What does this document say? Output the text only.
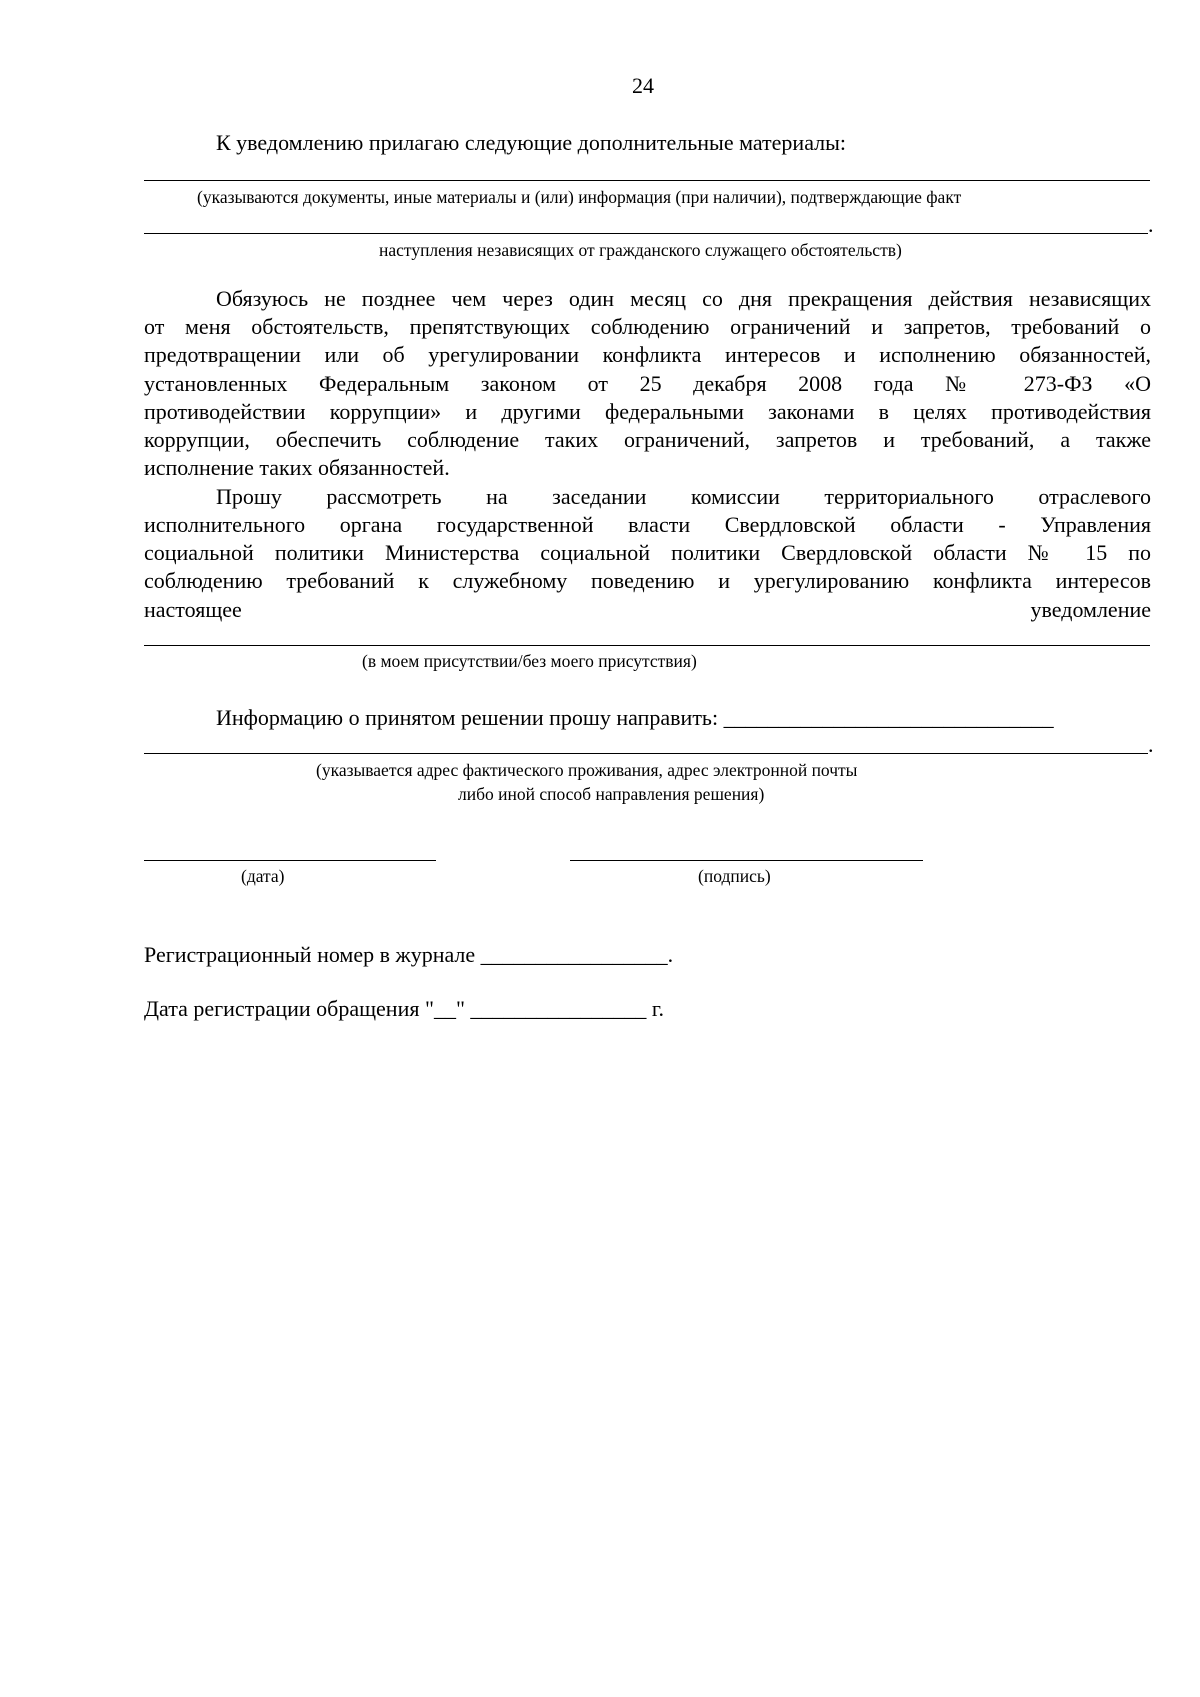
24
К уведомлению прилагаю следующие дополнительные материалы:
(указываются документы, иные материалы и (или) информация (при наличии), подтверждающие факт
.
наступления независящих от гражданского служащего обстоятельств)
Обязуюсь не позднее чем через один месяц со дня прекращения действия независящих
от меня обстоятельств, препятствующих соблюдению ограничений и запретов, требований о
предотвращении или об урегулировании конфликта интересов и исполнению обязанностей,
установленных Федеральным законом от 25 декабря 2008 года № 273-ФЗ «О
противодействии коррупции» и другими федеральными законами в целях противодействия
коррупции, обеспечить соблюдение таких ограничений, запретов и требований, а также
исполнение таких обязанностей.
Прошу рассмотреть на заседании комиссии территориального отраслевого
исполнительного органа государственной власти Свердловской области - Управления
социальной политики Министерства социальной политики Свердловской области № 15 по
соблюдению требований к служебному поведению и урегулированию конфликта интересов
настоящее	уведомление
(в моем присутствии/без моего присутствия)
Информацию о принятом решении прошу направить: ______________________________
.
(указывается адрес фактического проживания, адрес электронной почты
либо иной способ направления решения)
(дата)	(подпись)
Регистрационный номер в журнале _________________.
Дата регистрации обращения "__" ________________ г.
